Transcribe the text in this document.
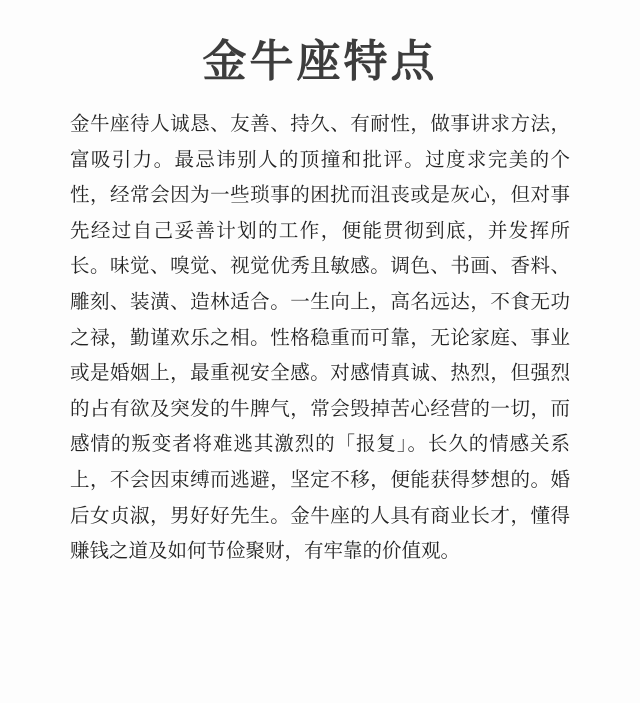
金牛座特点

金牛座待人诚恳、友善、持久、有耐性，做事讲求方法，富吸引力。最忌讳别人的顶撞和批评。过度求完美的个性，经常会因为一些琐事的困扰而沮丧或是灰心，但对事先经过自己妥善计划的工作，便能贯彻到底，并发挥所长。味觉、嗅觉、视觉优秀且敏感。调色、书画、香料、雕刻、装潢、造林适合。一生向上，高名远达，不食无功之禄，勤谨欢乐之相。性格稳重而可靠，无论家庭、事业或是婚姻上，最重视安全感。对感情真诚、热烈，但强烈的占有欲及突发的牛脾气，常会毁掉苦心经营的一切，而感情的叛变者将难逃其激烈的「报复」。长久的情感关系上，不会因束缚而逃避，坚定不移，便能获得梦想的。婚后女贞淑，男好好先生。金牛座的人具有商业长才，懂得赚钱之道及如何节俭聚财，有牢靠的价值观。
